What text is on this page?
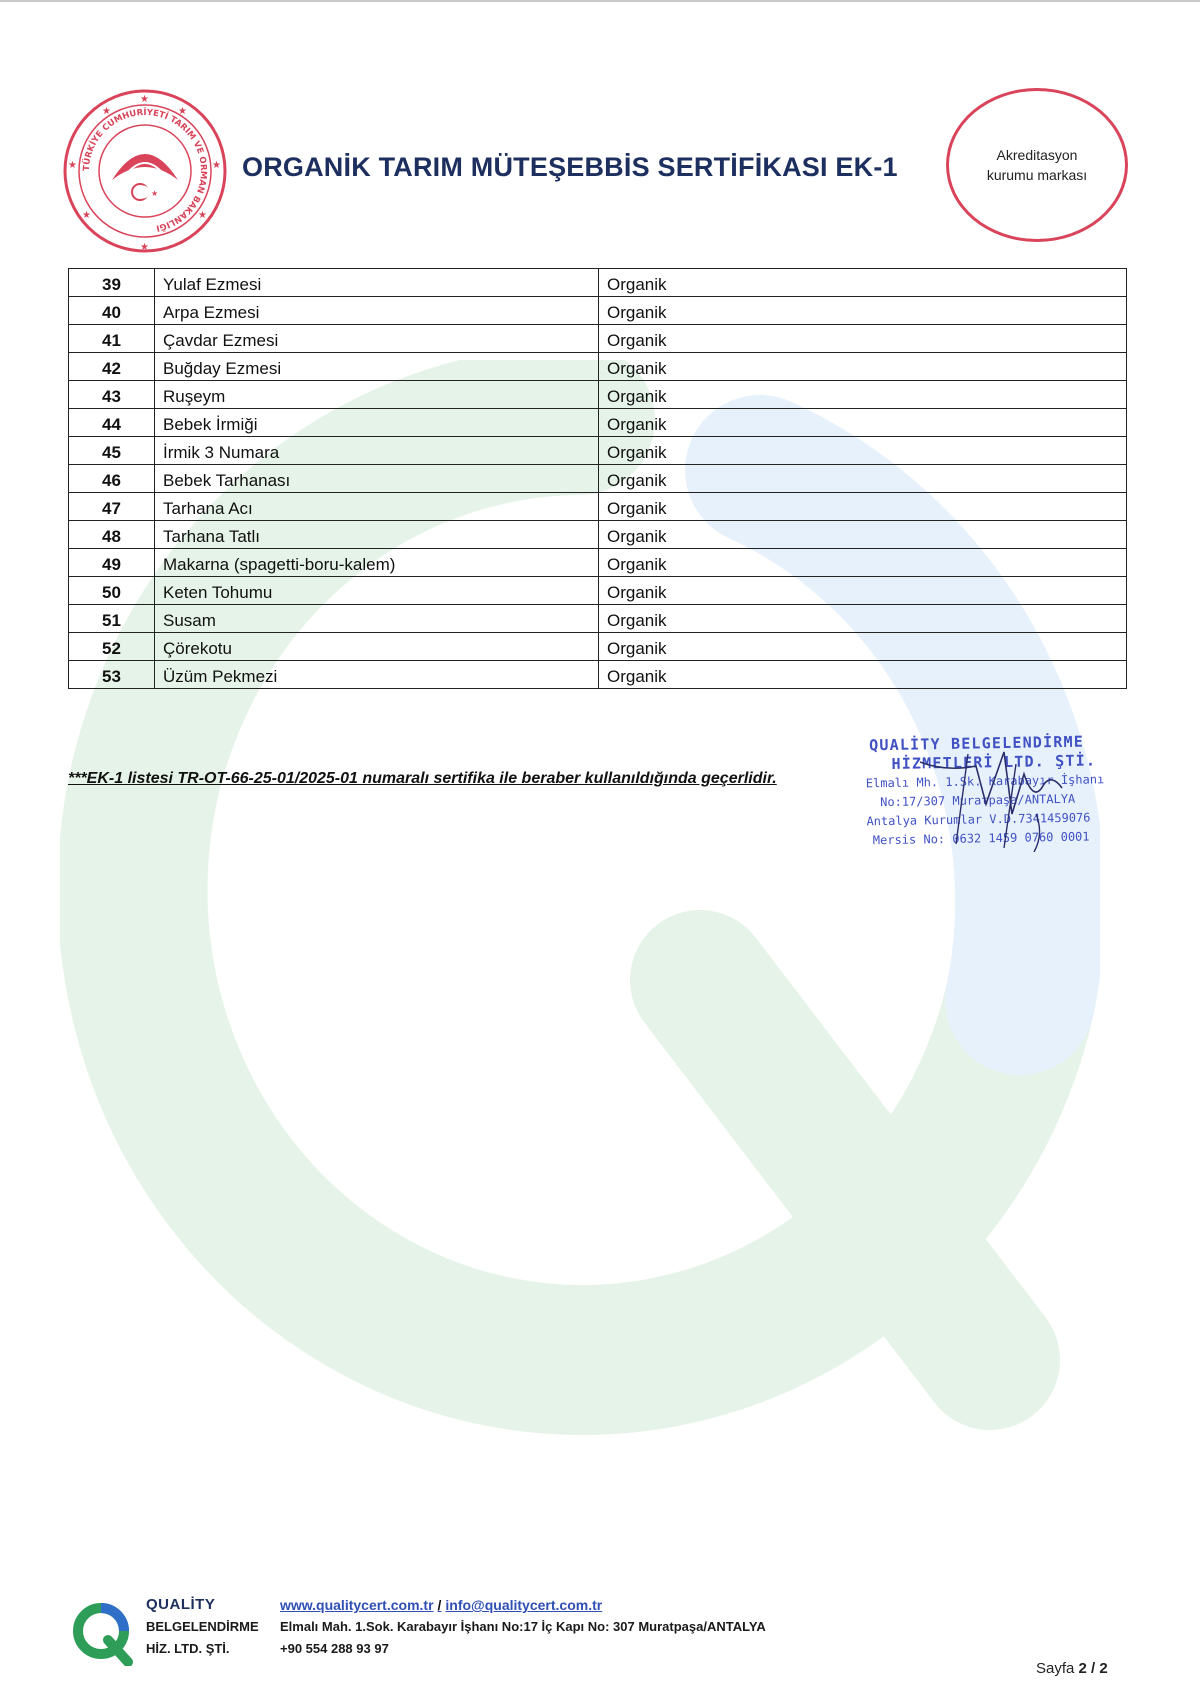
TÜRKİYE CUMHURİYETİ TARIM VE ORMAN BAKANLIĞI
★
★
★
★
★	★
★	★
★
ORGANİK TARIM MÜTEŞEBBİS SERTİFİKASI EK-1	Akreditasyon kurumu markası
39	Yulaf Ezmesi	Organik
40	Arpa Ezmesi	Organik
41	Çavdar Ezmesi	Organik
42	Buğday Ezmesi	Organik
43	Ruşeym	Organik
44	Bebek İrmiği	Organik
45	İrmik 3 Numara	Organik
46	Bebek Tarhanası	Organik
47	Tarhana Acı	Organik
48	Tarhana Tatlı	Organik
49	Makarna (spagetti-boru-kalem)	Organik
50	Keten Tohumu	Organik
51	Susam	Organik
52	Çörekotu	Organik
53	Üzüm Pekmezi	Organik
***EK-1 listesi TR-OT-66-25-01/2025-01 numaralı sertifika ile beraber kullanıldığında geçerlidir.
QUALİTY BELGELENDİRME
HİZMETLERİ LTD. ŞTİ.
Elmalı Mh. 1.Sk. Karabayır İşhanı
No:17/307 Muratpaşa/ANTALYA
Antalya Kurumlar V.D.7341459076
Mersis No: 0632 1459 0760 0001
QUALİTY
BELGELENDİRME
HİZ. LTD. ŞTİ.
www.qualitycert.com.tr / info@qualitycert.com.tr
Elmalı Mah. 1.Sok. Karabayır İşhanı No:17 İç Kapı No: 307 Muratpaşa/ANTALYA
+90 554 288 93 97
Sayfa 2 / 2
